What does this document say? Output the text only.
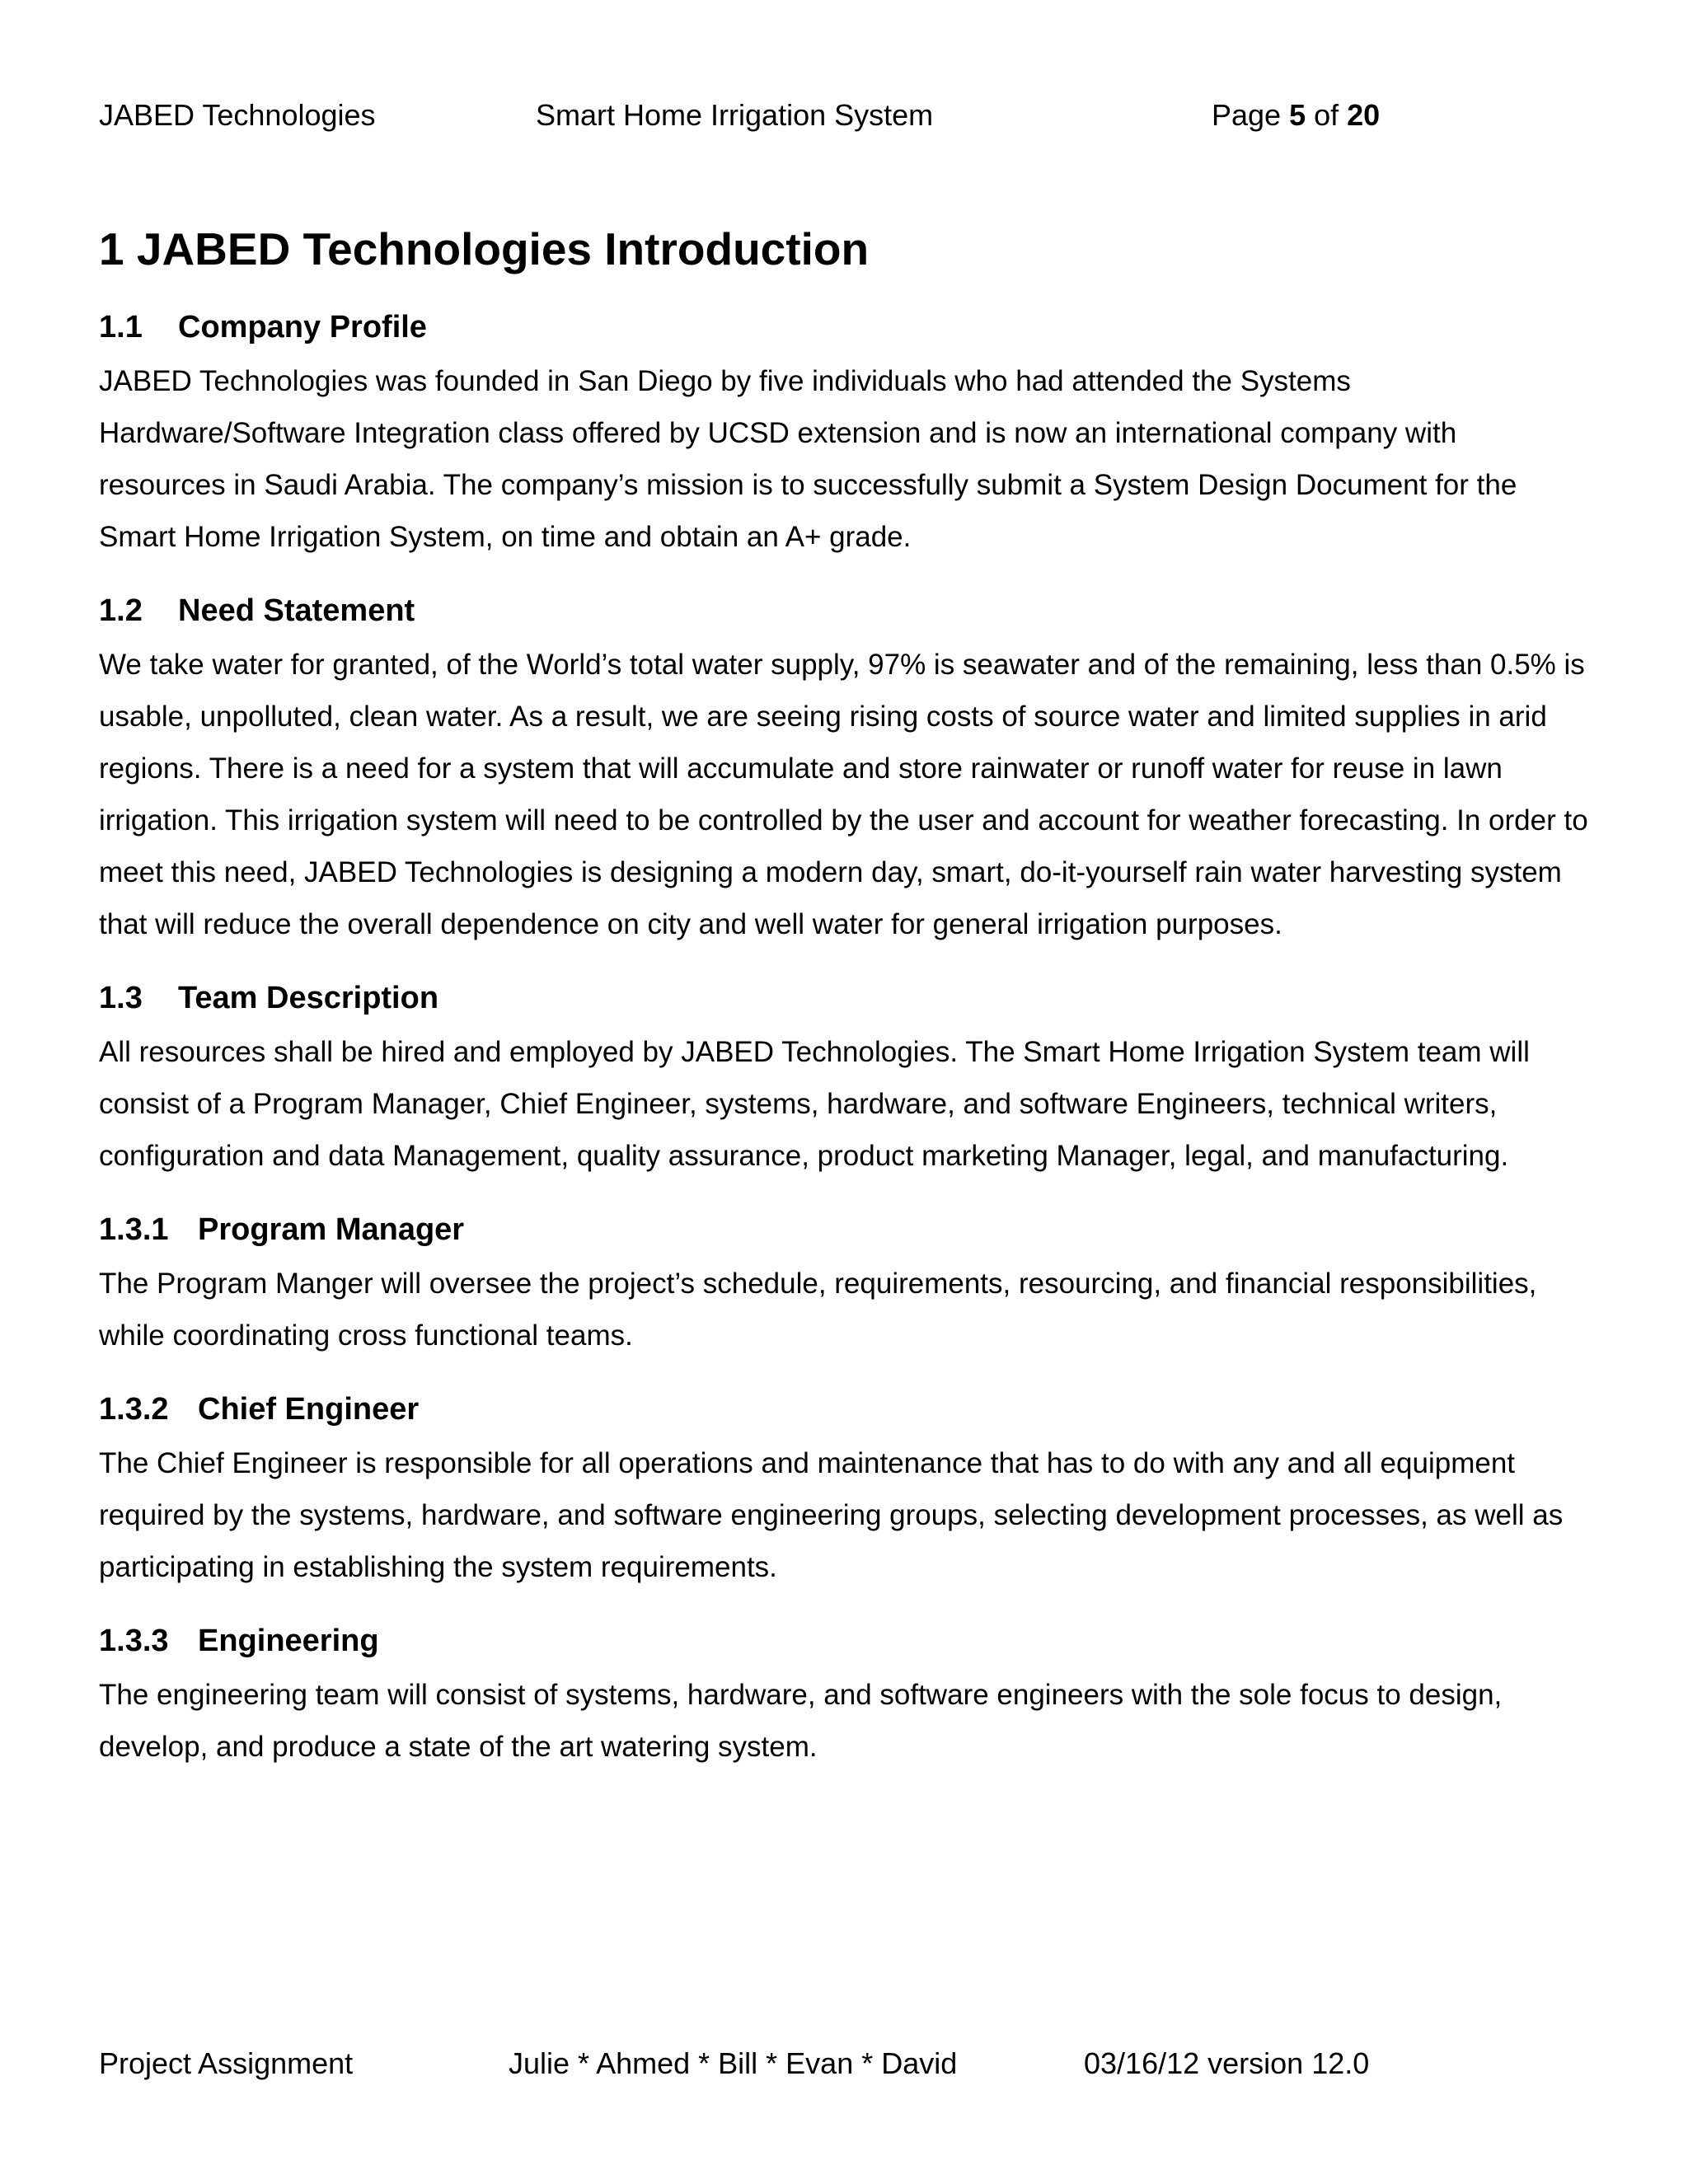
JABED Technologies	Smart Home Irrigation System	Page 5 of 20
1 JABED Technologies Introduction
1.1	Company Profile

JABED Technologies was founded in San Diego by five individuals who had attended the Systems Hardware/Software Integration class offered by UCSD extension and is now an international company with resources in Saudi Arabia. The company’s mission is to successfully submit a System Design Document for the Smart Home Irrigation System, on time and obtain an A+ grade.

1.2	Need Statement

We take water for granted, of the World’s total water supply, 97% is seawater and of the remaining, less than 0.5% is usable, unpolluted, clean water. As a result, we are seeing rising costs of source water and limited supplies in arid regions. There is a need for a system that will accumulate and store rainwater or runoff water for reuse in lawn irrigation. This irrigation system will need to be controlled by the user and account for weather forecasting. In order to meet this need, JABED Technologies is designing a modern day, smart, do-it-yourself rain water harvesting system that will reduce the overall dependence on city and well water for general irrigation purposes.

1.3	Team Description

All resources shall be hired and employed by JABED Technologies. The Smart Home Irrigation System team will consist of a Program Manager, Chief Engineer, systems, hardware, and software Engineers, technical writers, configuration and data Management, quality assurance, product marketing Manager, legal, and manufacturing.

1.3.1 Program Manager

The Program Manger will oversee the project’s schedule, requirements, resourcing, and financial responsibilities, while coordinating cross functional teams.

1.3.2 Chief Engineer

The Chief Engineer is responsible for all operations and maintenance that has to do with any and all equipment required by the systems, hardware, and software engineering groups, selecting development processes, as well as participating in establishing the system requirements.

1.3.3 Engineering

The engineering team will consist of systems, hardware, and software engineers with the sole focus to design, develop, and produce a state of the art watering system.

Project Assignment	Julie * Ahmed * Bill * Evan * David	03/16/12 version 12.0
